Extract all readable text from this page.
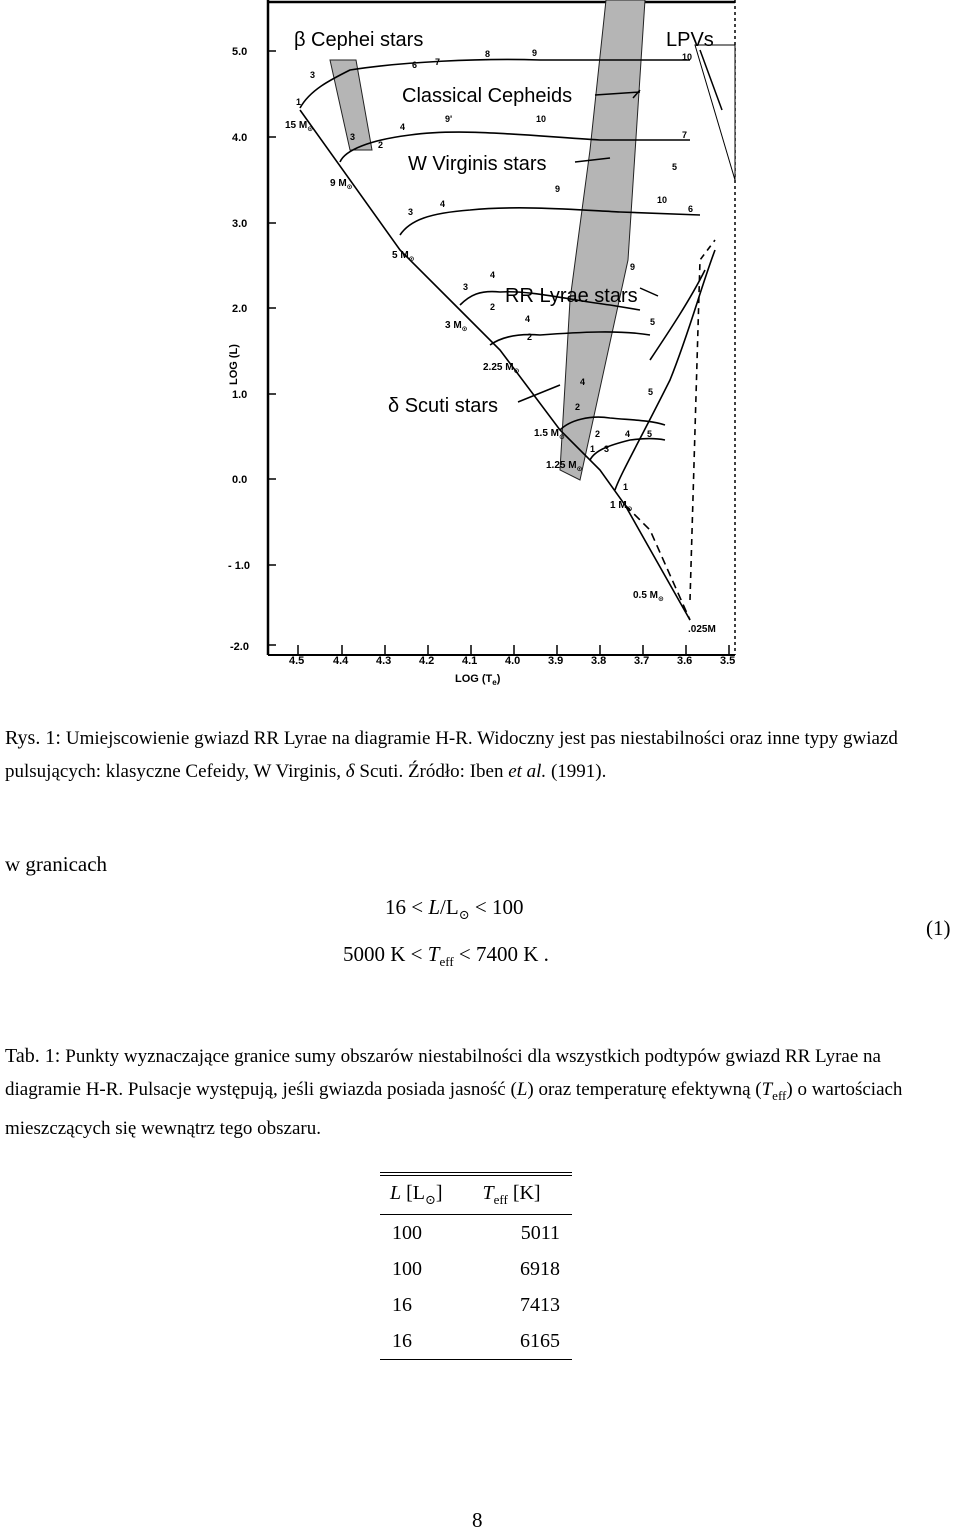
1
3
6 7
8	9	10
3
2
4
9'	10
7
5
3
4
9
10
6
3
4
2
9
5
4
2
4
5
2
2	4 5
1 3
1
5.0
4.0
3.0
2.0
1.0
0.0
- 1.0
-2.0
4.5	4.4	4.3	4.2	4.1	4.0	3.9	3.8	3.7	3.6	3.5
LOG $(T_e)$
LOG (L)
β Cephei stars	LPVs
Classical Cepheids
W Virginis stars
RR Lyrae stars
δ Scuti stars
15 $M_⊙$
9 $M_⊙$
5 $M_⊙$
3 $M_⊙$
2.25 $M_⊙$
1.5 $M_⊙$
1.25 $M_⊙$
1 $M_⊙$
0.5 $M_⊙$
.025M
Rys. 1: Umiejscowienie gwiazd RR Lyrae na diagramie H-R. Widoczny jest pas niestabilności oraz inne typy gwiazd pulsujących: klasyczne Cefeidy, W Virginis, δ Scuti. Źródło: Iben et al. (1991).
w granicach
$16 < L/L_⊙ < 100$
5000 $K < T_{eff} < 7400$ K .
(1)
Tab. 1: Punkty wyznaczające granice sumy obszarów niestabilności dla wszystkich podtypów gwiazd RR Lyrae na diagramie H-R. Pulsacje występują, jeśli gwiazda posiada jasność (L) oraz temperaturę efektywną $(T_{eff})$ o wartościach mieszczących się wewnątrz tego obszaru.
L $[L_⊙]$	$T_{eff}$ [K]
100	5011
100	6918
16	7413
16	6165
8
